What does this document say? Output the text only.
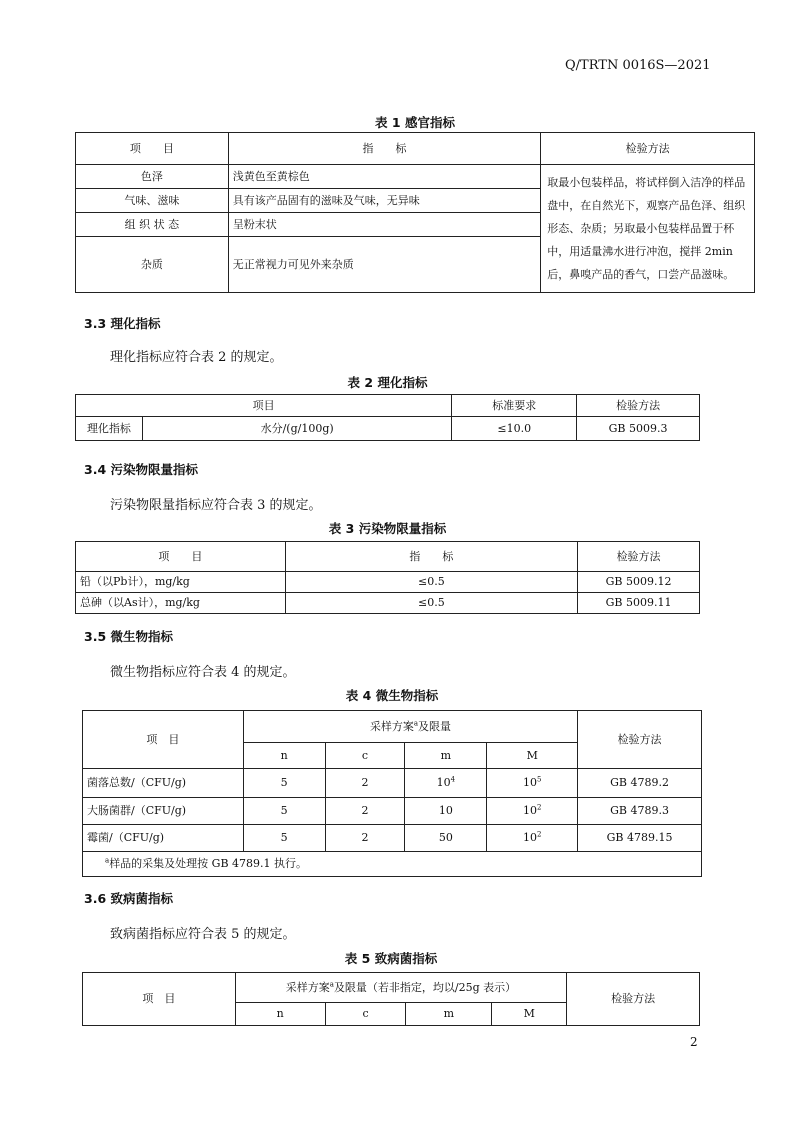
Q/TRTN 0016S—2021
表 1 感官指标
项　　目	指　　标	检验方法
色泽	浅黄色至黄棕色	取最小包装样品，将试样倒入洁净的样品盘中，在自然光下，观察产品色泽、组织形态、杂质；另取最小包装样品置于杯中，用适量沸水进行冲泡，搅拌 2min 后，鼻嗅产品的香气，口尝产品滋味。
气味、滋味	具有该产品固有的滋味及气味，无异味	
组 织 状 态	呈粉末状	
杂质	无正常视力可见外来杂质	
3.3 理化指标
理化指标应符合表 2 的规定。
表 2 理化指标
项目		标准要求	检验方法
理化指标	水分/(g/100g)	≤10.0	GB 5009.3
3.4 污染物限量指标
污染物限量指标应符合表 3 的规定。
表 3 污染物限量指标
项　　目	指　　标	检验方法
铅（以Pb计），mg/kg	≤0.5	GB 5009.12
总砷（以As计），mg/kg	≤0.5	GB 5009.11
3.5 微生物指标
微生物指标应符合表 4 的规定。
表 4 微生物指标
项　目	采样方案$^a$及限量				检验方法
	n	c	m	M	
菌落总数/（CFU/g)	5	2	$10^4$	$10^5$	GB 4789.2
大肠菌群/（CFU/g)	5	2	10	$10^2$	GB 4789.3
霉菌/（CFU/g)	5	2	50	$10^2$	GB 4789.15
$^a$样品的采集及处理按 GB 4789.1 执行。					
3.6 致病菌指标
致病菌指标应符合表 5 的规定。
表 5 致病菌指标
项　目	采样方案$^a$及限量（若非指定，均以/25g 表示）				检验方法
	n	c	m	M	
2
